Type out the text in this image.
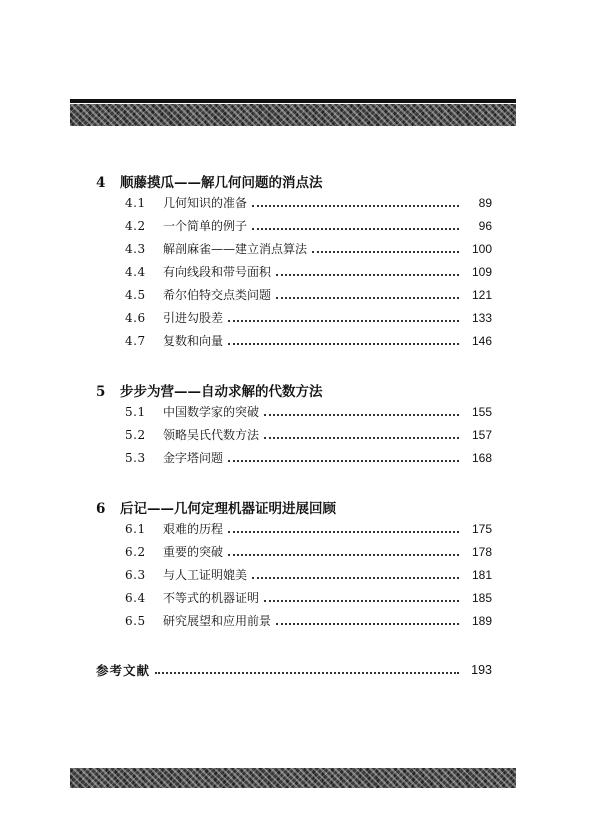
4 顺藤摸瓜——解几何问题的消点法
4.1	几何知识的准备	89
4.2	一个简单的例子	96
4.3	解剖麻雀——建立消点算法	100
4.4	有向线段和带号面积	109
4.5	希尔伯特交点类问题	121
4.6	引进勾股差	133
4.7	复数和向量	146
5 步步为营——自动求解的代数方法
5.1	中国数学家的突破	155
5.2	领略吴氏代数方法	157
5.3	金字塔问题	168
6 后记——几何定理机器证明进展回顾
6.1	艰难的历程	175
6.2	重要的突破	178
6.3	与人工证明媲美	181
6.4	不等式的机器证明	185
6.5	研究展望和应用前景	189
参考文献	193
